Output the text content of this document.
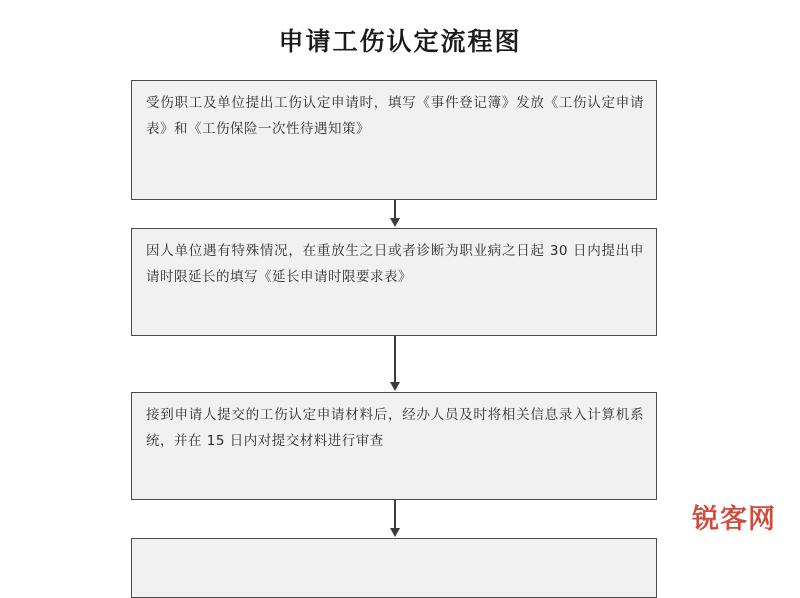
申请工伤认定流程图
受伤职工及单位提出工伤认定申请时，填写《事件登记簿》发放《工伤认定申请表》和《工伤保险一次性待遇知策》
因人单位遇有特殊情况，在重放生之日或者诊断为职业病之日起 30 日内提出申请时限延长的填写《延长申请时限要求表》
接到申请人提交的工伤认定申请材料后，经办人员及时将相关信息录入计算机系统，并在 15 日内对提交材料进行审查
锐客网
